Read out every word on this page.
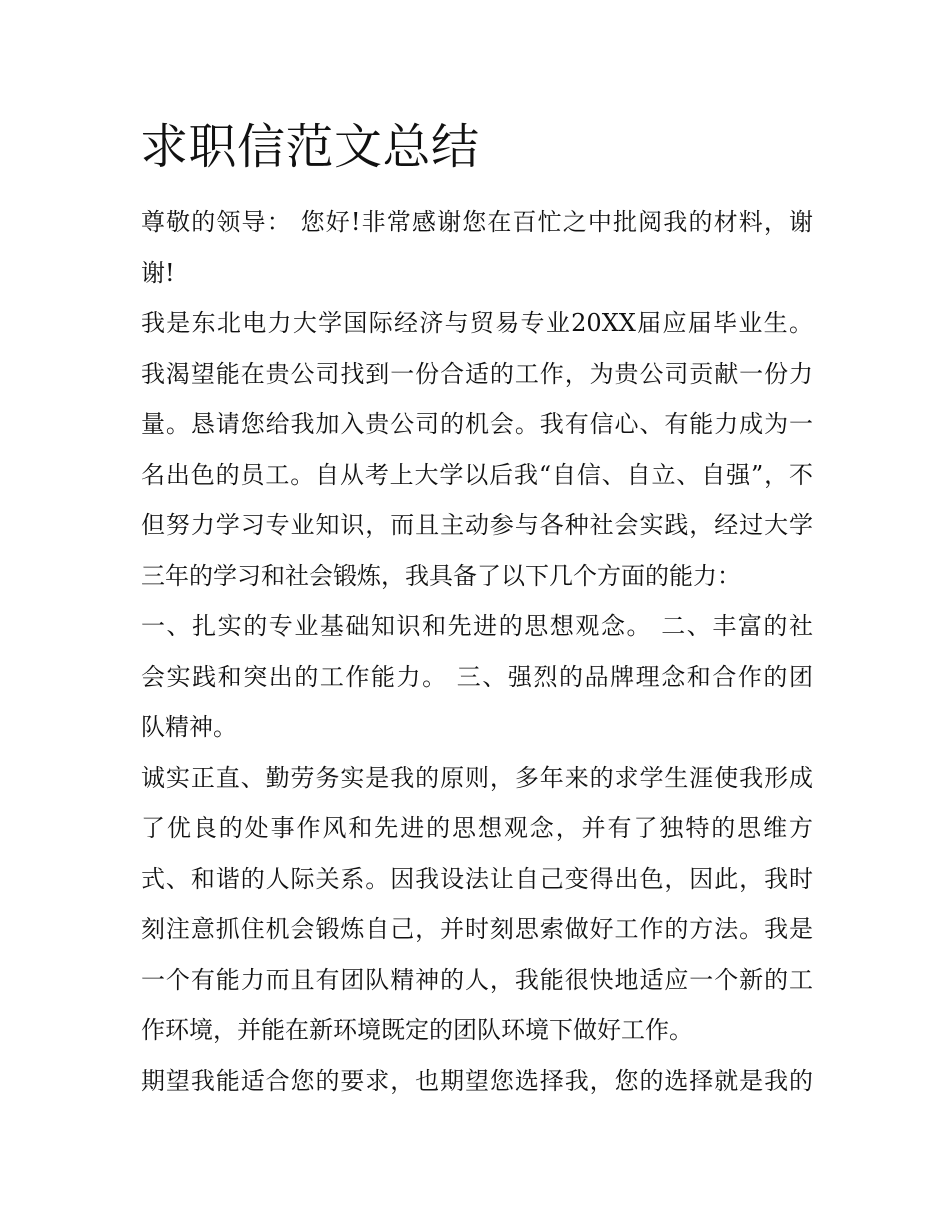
求职信范文总结
尊敬的领导： 您好!非常感谢您在百忙之中批阅我的材料，谢
谢!
我是东北电力大学国际经济与贸易专业20XX届应届毕业生。
我渴望能在贵公司找到一份合适的工作，为贵公司贡献一份力
量。恳请您给我加入贵公司的机会。我有信心、有能力成为一
名出色的员工。自从考上大学以后我“自信、自立、自强”，不
但努力学习专业知识，而且主动参与各种社会实践，经过大学
三年的学习和社会锻炼，我具备了以下几个方面的能力：
一、扎实的专业基础知识和先进的思想观念。 二、丰富的社
会实践和突出的工作能力。 三、强烈的品牌理念和合作的团
队精神。
诚实正直、勤劳务实是我的原则，多年来的求学生涯使我形成
了优良的处事作风和先进的思想观念，并有了独特的思维方
式、和谐的人际关系。因我设法让自己变得出色，因此，我时
刻注意抓住机会锻炼自己，并时刻思索做好工作的方法。我是
一个有能力而且有团队精神的人，我能很快地适应一个新的工
作环境，并能在新环境既定的团队环境下做好工作。
期望我能适合您的要求，也期望您选择我，您的选择就是我的
